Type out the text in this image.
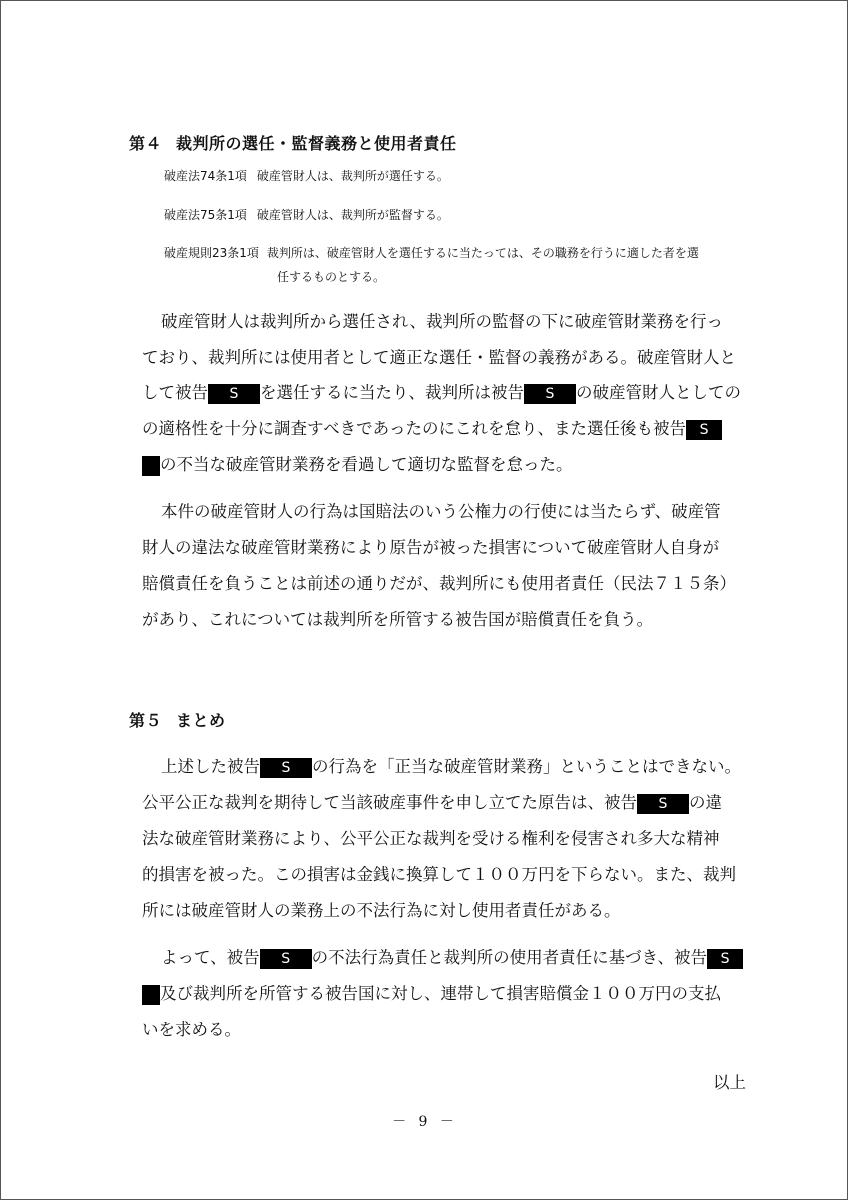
第４ 裁判所の選任・監督義務と使用者責任
破産法74条1項 破産管財人は、裁判所が選任する。
破産法75条1項 破産管財人は、裁判所が監督する。
破産規則23条1項 裁判所は、破産管財人を選任するに当たっては、その職務を行うに適した者を選
任するものとする。
破産管財人は裁判所から選任され、裁判所の監督の下に破産管財業務を行っ
ており、裁判所には使用者として適正な選任・監督の義務がある。破産管財人と
して被告 S を選任するに当たり、裁判所は被告 S の破産管財人としての
の適格性を十分に調査すべきであったのにこれを怠り、また選任後も被告 S
の不当な破産管財業務を看過して適切な監督を怠った。
本件の破産管財人の行為は国賠法のいう公権力の行使には当たらず、破産管
財人の違法な破産管財業務により原告が被った損害について破産管財人自身が
賠償責任を負うことは前述の通りだが、裁判所にも使用者責任（民法７１５条）
があり、これについては裁判所を所管する被告国が賠償責任を負う。
第５ まとめ
上述した被告 S の行為を「正当な破産管財業務」ということはできない。
公平公正な裁判を期待して当該破産事件を申し立てた原告は、被告 S の違
法な破産管財業務により、公平公正な裁判を受ける権利を侵害され多大な精神
的損害を被った。この損害は金銭に換算して１００万円を下らない。また、裁判
所には破産管財人の業務上の不法行為に対し使用者責任がある。
よって、被告 S の不法行為責任と裁判所の使用者責任に基づき、被告 S
及び裁判所を所管する被告国に対し、連帯して損害賠償金１００万円の支払
いを求める。
以上
－ 9 －
